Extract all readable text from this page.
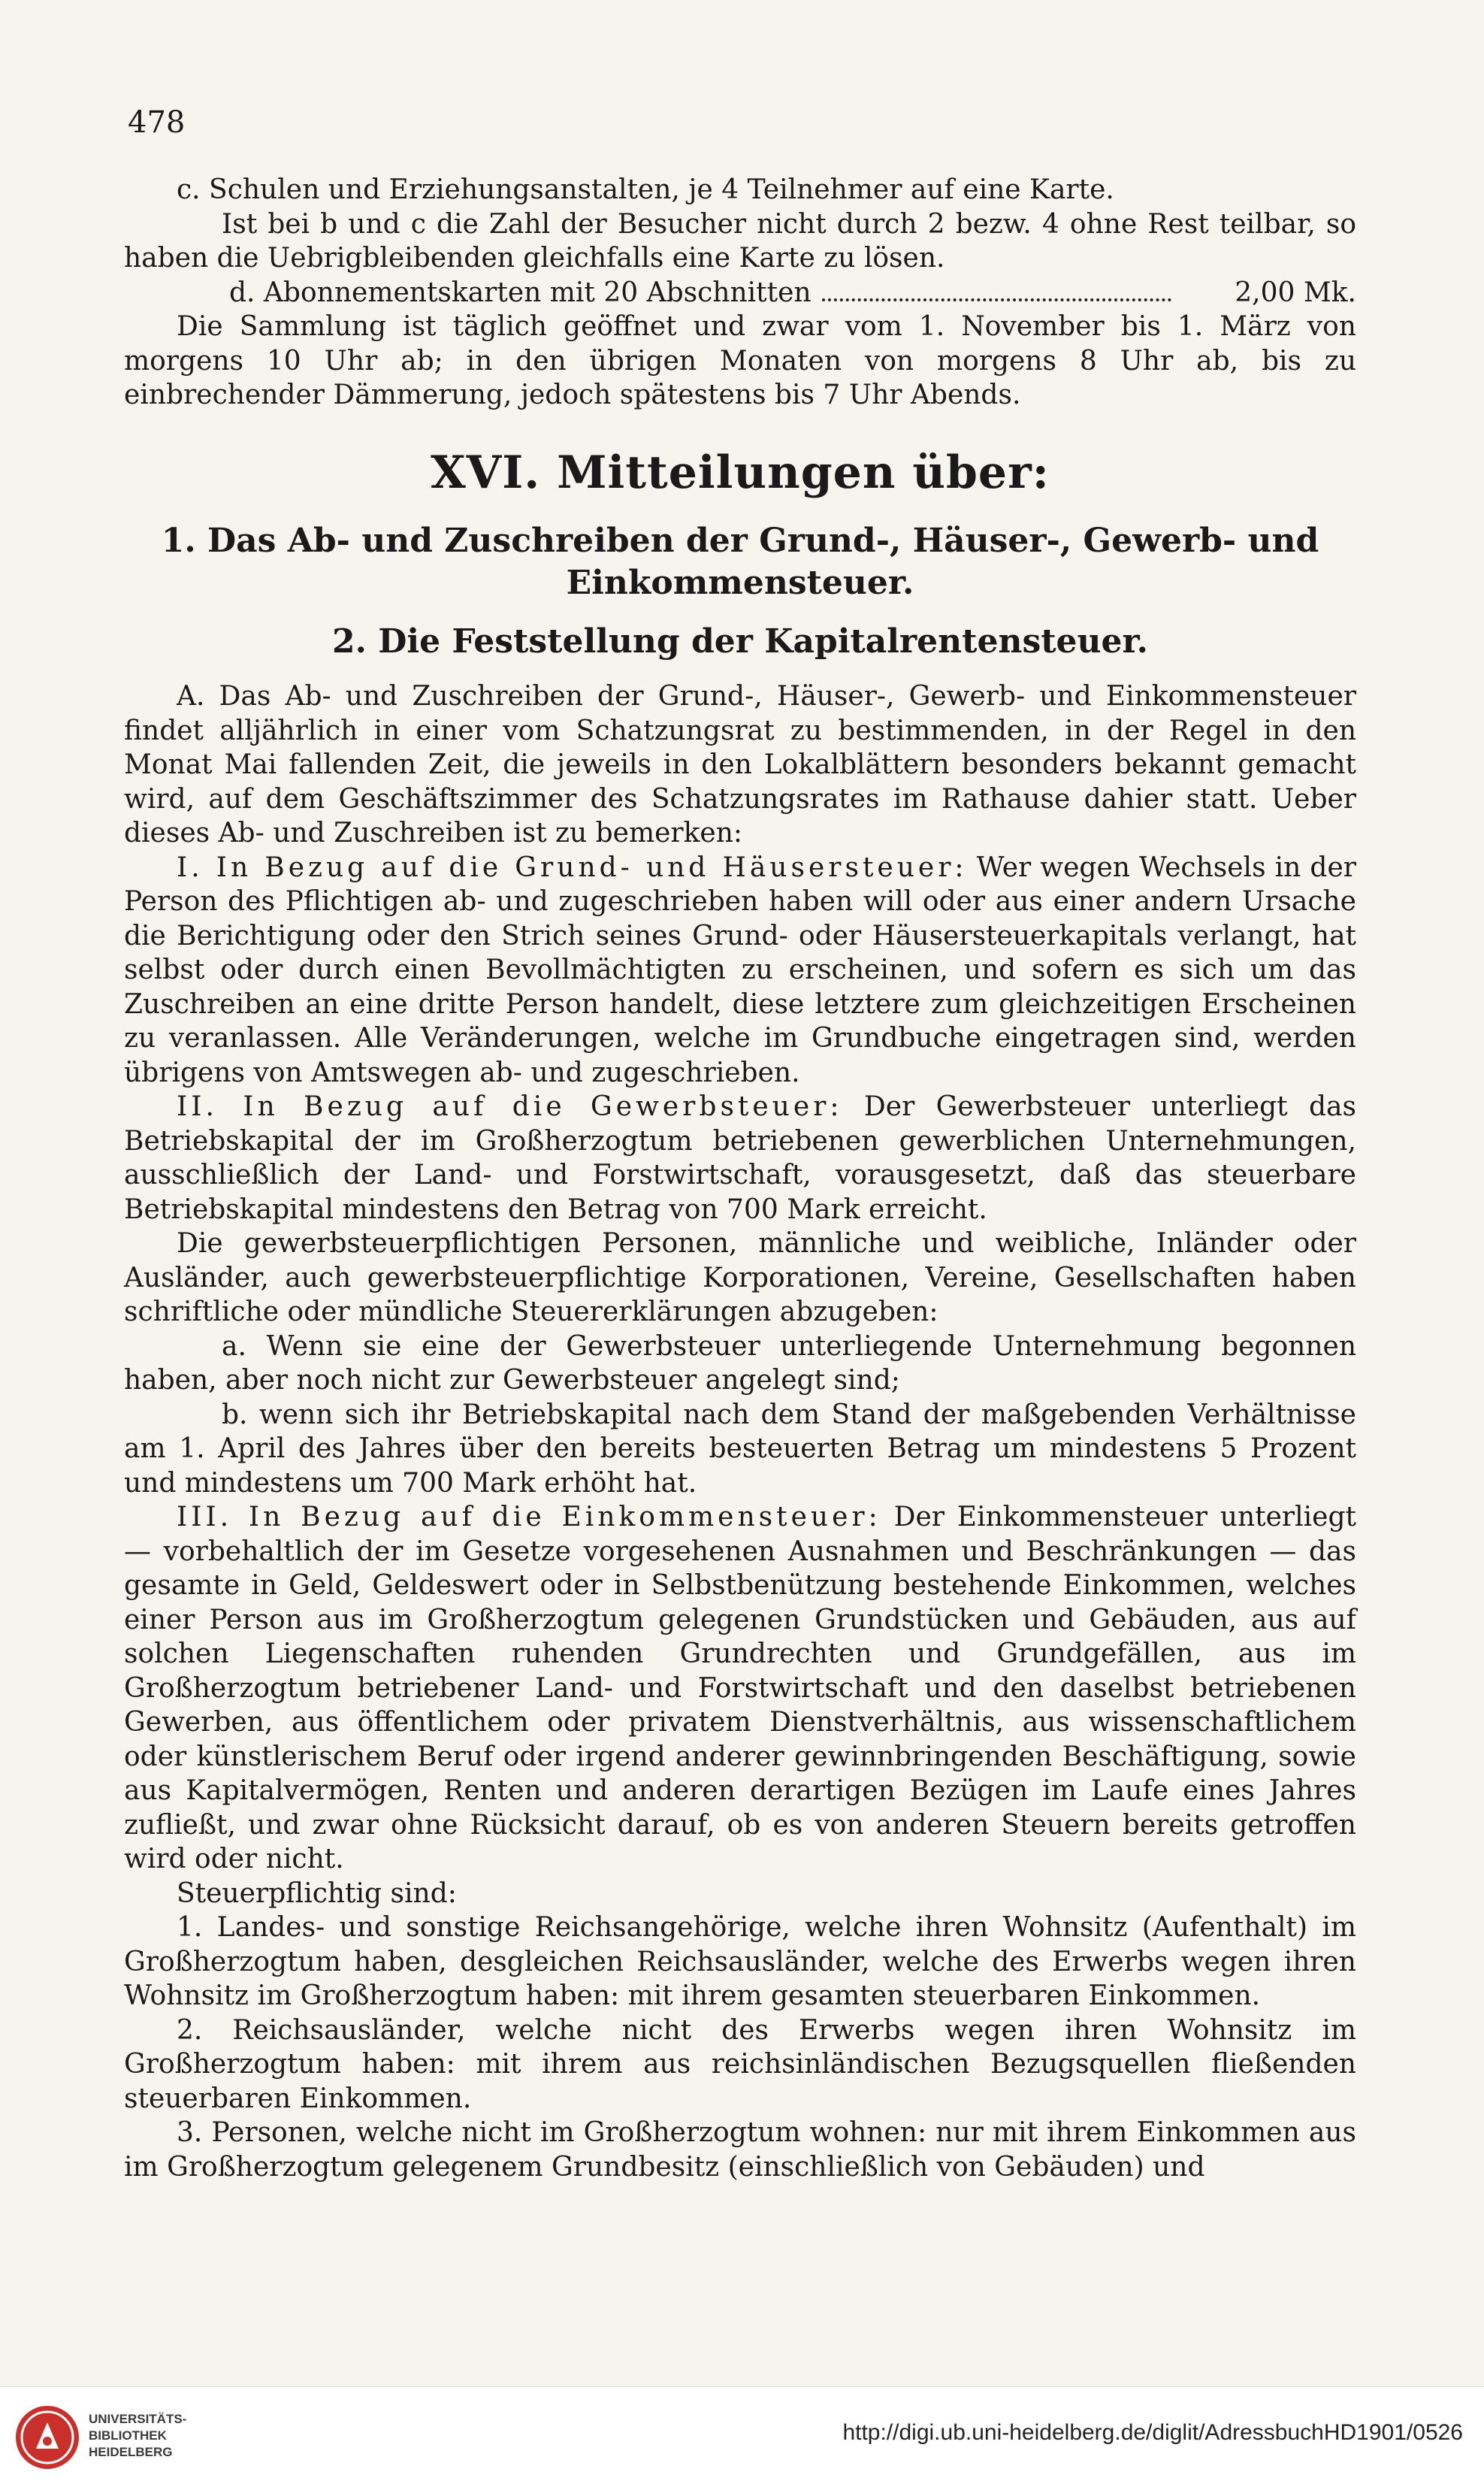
478

c. Schulen und Erziehungsanstalten, je 4 Teilnehmer auf eine Karte.

Ist bei b und c die Zahl der Besucher nicht durch 2 bezw. 4 ohne Rest teilbar, so haben die Uebrigbleibenden gleichfalls eine Karte zu lösen.

d. Abonnementskarten mit 20 Abschnitten	2,00 Mk.

Die Sammlung ist täglich geöffnet und zwar vom 1. November bis 1. März von morgens 10 Uhr ab; in den übrigen Monaten von morgens 8 Uhr ab, bis zu einbrechender Dämmerung, jedoch spätestens bis 7 Uhr Abends.

XVI. Mitteilungen über:
1. Das Ab- und Zuschreiben der Grund-, Häuser-, Gewerb- und Einkommensteuer.
2. Die Feststellung der Kapitalrentensteuer.

A. Das Ab- und Zuschreiben der Grund-, Häuser-, Gewerb- und Einkommensteuer findet alljährlich in einer vom Schatzungsrat zu bestimmenden, in der Regel in den Monat Mai fallenden Zeit, die jeweils in den Lokalblättern besonders bekannt gemacht wird, auf dem Geschäftszimmer des Schatzungsrates im Rathause dahier statt. Ueber dieses Ab- und Zuschreiben ist zu bemerken:

I. In Bezug auf die Grund- und Häusersteuer: Wer wegen Wechsels in der Person des Pflichtigen ab- und zugeschrieben haben will oder aus einer andern Ursache die Berichtigung oder den Strich seines Grund- oder Häusersteuerkapitals verlangt, hat selbst oder durch einen Bevollmächtigten zu erscheinen, und sofern es sich um das Zuschreiben an eine dritte Person handelt, diese letztere zum gleichzeitigen Erscheinen zu veranlassen. Alle Veränderungen, welche im Grundbuche eingetragen sind, werden übrigens von Amtswegen ab- und zugeschrieben.

II. In Bezug auf die Gewerbsteuer: Der Gewerbsteuer unterliegt das Betriebskapital der im Großherzogtum betriebenen gewerblichen Unternehmungen, ausschließlich der Land- und Forstwirtschaft, vorausgesetzt, daß das steuerbare Betriebskapital mindestens den Betrag von 700 Mark erreicht.

Die gewerbsteuerpflichtigen Personen, männliche und weibliche, Inländer oder Ausländer, auch gewerbsteuerpflichtige Korporationen, Vereine, Gesellschaften haben schriftliche oder mündliche Steuererklärungen abzugeben:

a. Wenn sie eine der Gewerbsteuer unterliegende Unternehmung begonnen haben, aber noch nicht zur Gewerbsteuer angelegt sind;

b. wenn sich ihr Betriebskapital nach dem Stand der maßgebenden Verhältnisse am 1. April des Jahres über den bereits besteuerten Betrag um mindestens 5 Prozent und mindestens um 700 Mark erhöht hat.

III. In Bezug auf die Einkommensteuer: Der Einkommensteuer unterliegt — vorbehaltlich der im Gesetze vorgesehenen Ausnahmen und Beschränkungen — das gesamte in Geld, Geldeswert oder in Selbstbenützung bestehende Einkommen, welches einer Person aus im Großherzogtum gelegenen Grundstücken und Gebäuden, aus auf solchen Liegenschaften ruhenden Grundrechten und Grundgefällen, aus im Großherzogtum betriebener Land- und Forstwirtschaft und den daselbst betriebenen Gewerben, aus öffentlichem oder privatem Dienstverhältnis, aus wissenschaftlichem oder künstlerischem Beruf oder irgend anderer gewinnbringenden Beschäftigung, sowie aus Kapitalvermögen, Renten und anderen derartigen Bezügen im Laufe eines Jahres zufließt, und zwar ohne Rücksicht darauf, ob es von anderen Steuern bereits getroffen wird oder nicht.

Steuerpflichtig sind:

1. Landes- und sonstige Reichsangehörige, welche ihren Wohnsitz (Aufenthalt) im Großherzogtum haben, desgleichen Reichsausländer, welche des Erwerbs wegen ihren Wohnsitz im Großherzogtum haben: mit ihrem gesamten steuerbaren Einkommen.

2. Reichsausländer, welche nicht des Erwerbs wegen ihren Wohnsitz im Großherzogtum haben: mit ihrem aus reichsinländischen Bezugsquellen fließenden steuerbaren Einkommen.

3. Personen, welche nicht im Großherzogtum wohnen: nur mit ihrem Einkommen aus im Großherzogtum gelegenem Grundbesitz (einschließlich von Gebäuden) und

UNIVERSITÄTS-
BIBLIOTHEK
HEIDELBERG
http://digi.ub.uni-heidelberg.de/diglit/AdressbuchHD1901/0526
